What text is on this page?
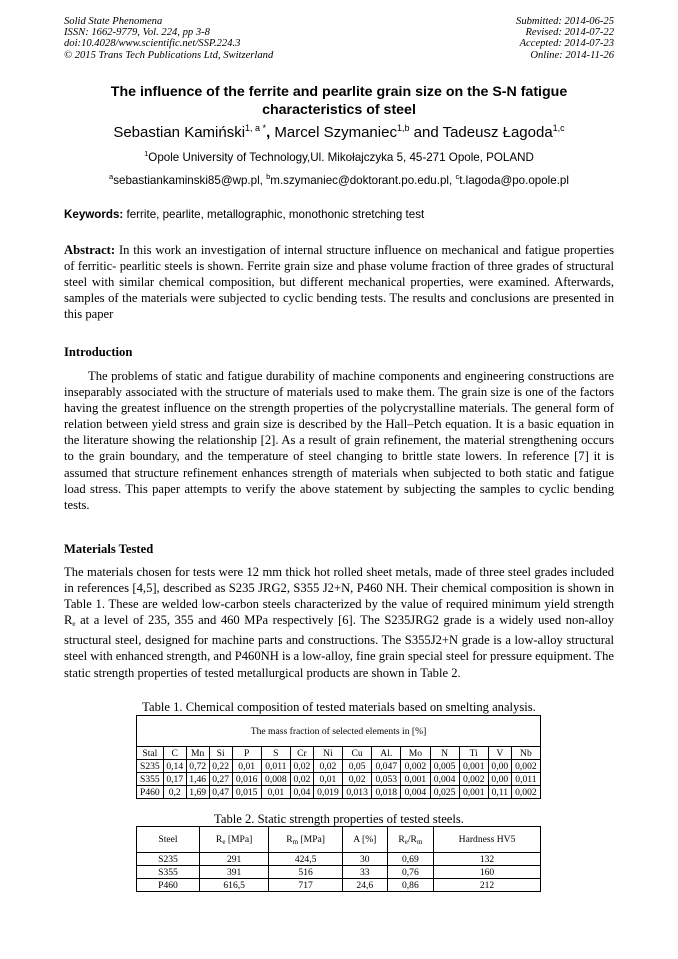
Solid State Phenomena
ISSN: 1662-9779, Vol. 224, pp 3-8
doi:10.4028/www.scientific.net/SSP.224.3
© 2015 Trans Tech Publications Ltd, Switzerland
Submitted: 2014-06-25
Revised: 2014-07-22
Accepted: 2014-07-23
Online: 2014-11-26
The influence of the ferrite and pearlite grain size on the S-N fatigue
characteristics of steel
Sebastian Kamiński$^{1, a *}$, Marcel Szymaniec$^{1,b}$ and Tadeusz Łagoda$^{1,c}$
$^1$Opole University of Technology,Ul. Mikołajczyka 5, 45-271 Opole, POLAND
$^a$sebastiankaminski85@wp.pl, $^b$m.szymaniec@doktorant.po.edu.pl, $^c$t.lagoda@po.opole.pl
Keywords: ferrite, pearlite, metallographic, monothonic stretching test
Abstract: In this work an investigation of internal structure influence on mechanical and fatigue properties of ferritic- pearlitic steels is shown. Ferrite grain size and phase volume fraction of three grades of structural steel with similar chemical composition, but different mechanical properties, were examined. Afterwards, samples of the materials were subjected to cyclic bending tests. The results and conclusions are presented in this paper
Introduction
The problems of static and fatigue durability of machine components and engineering constructions are inseparably associated with the structure of materials used to make them. The grain size is one of the factors having the greatest influence on the strength properties of the polycrystalline materials. The general form of relation between yield stress and grain size is described by the Hall–Petch equation. It is a basic equation in the literature showing the relationship [2]. As a result of grain refinement, the material strengthening occurs to the grain boundary, and the temperature of steel changing to brittle state lowers. In reference [7] it is assumed that structure refinement enhances strength of materials when subjected to both static and fatigue load stress. This paper attempts to verify the above statement by subjecting the samples to cyclic bending tests.
Materials Tested
The materials chosen for tests were 12 mm thick hot rolled sheet metals, made of three steel grades included in references [4,5], described as S235 JRG2, S355 J2+N, P460 NH. Their chemical composition is shown in Table 1. These are welded low-carbon steels characterized by the value of required minimum yield strength $R_e$ at a level of 235, 355 and 460 MPa respectively [6]. The S235JRG2 grade is a widely used non-alloy structural steel, designed for machine parts and constructions. The S355J2+N grade is a low-alloy structural steel with enhanced strength, and P460NH is a low-alloy, fine grain special steel for pressure equipment. The static strength properties of tested metallurgical products are shown in Table 2.
Table 1. Chemical composition of tested materials based on smelting analysis.
The mass fraction of selected elements in [%]														
Stal	C	Mn	Si	P	S	Cr	Ni	Cu	Al.	Mo	N	Ti	V	Nb
S235	0,14	0,72	0,22	0,01	0,011	0,02	0,02	0,05	0,047	0,002	0,005	0,001	0,00	0,002
S355	0,17	1,46	0,27	0,016	0,008	0,02	0,01	0,02	0,053	0,001	0,004	0,002	0,00	0,011
P460	0,2	1,69	0,47	0,015	0,01	0,04	0,019	0,013	0,018	0,004	0,025	0,001	0,11	0,002
Table 2. Static strength properties of tested steels.
Steel	$R_e$ [MPa]	$R_m$ [MPa]	A [%]	$R_e/R_m$	Hardness HV5
S235	291	424,5	30	0,69	132
S355	391	516	33	0,76	160
P460	616,5	717	24,6	0,86	212
